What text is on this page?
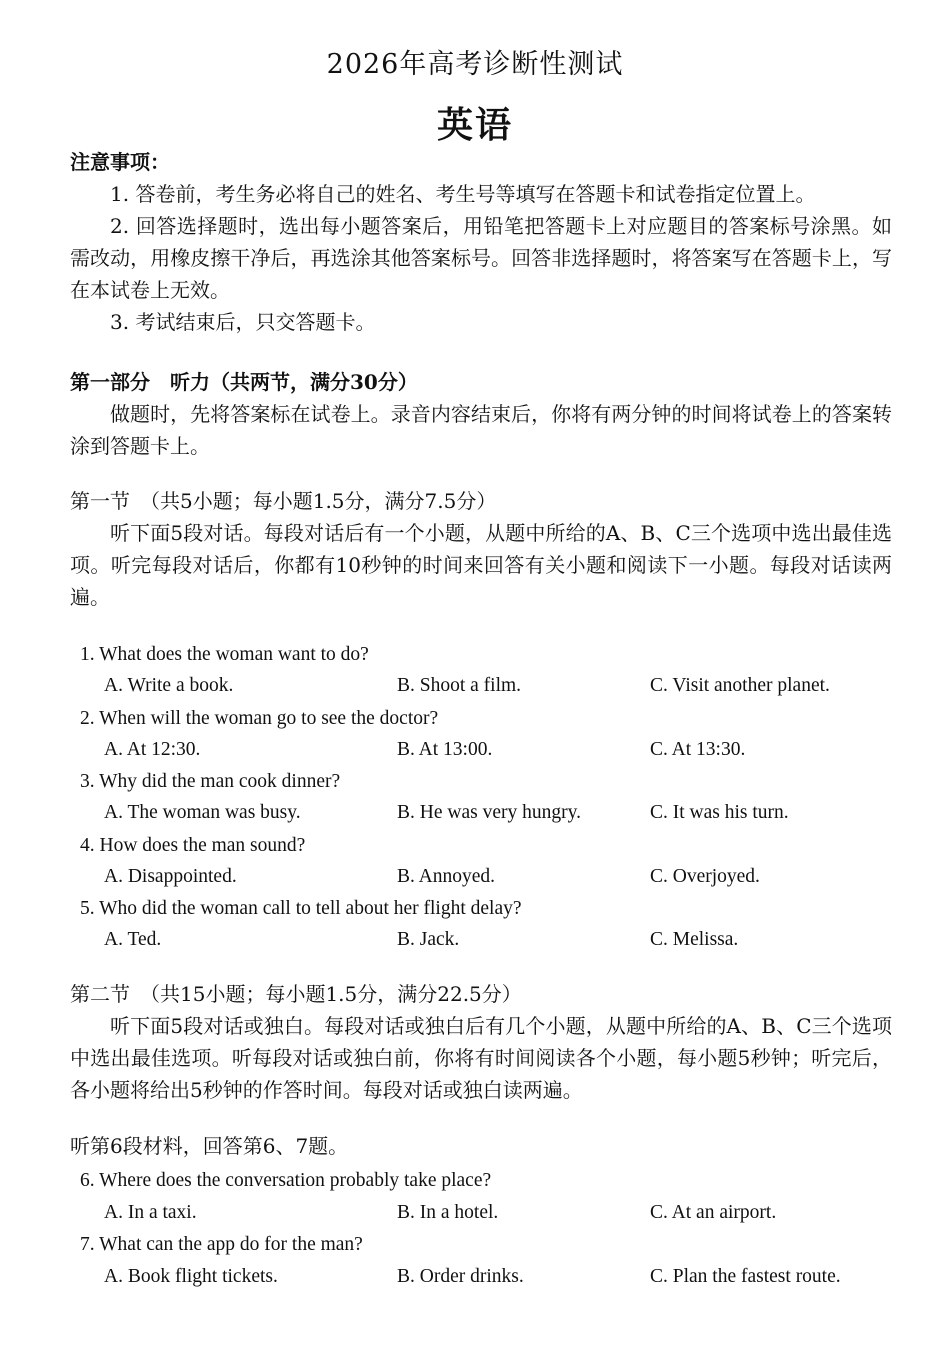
2026年高考诊断性测试
英语
注意事项：
1. 答卷前，考生务必将自己的姓名、考生号等填写在答题卡和试卷指定位置上。
2. 回答选择题时，选出每小题答案后，用铅笔把答题卡上对应题目的答案标号涂黑。如需改动，用橡皮擦干净后，再选涂其他答案标号。回答非选择题时，将答案写在答题卡上，写在本试卷上无效。
3. 考试结束后，只交答题卡。
第一部分　听力（共两节，满分30分）
做题时，先将答案标在试卷上。录音内容结束后，你将有两分钟的时间将试卷上的答案转涂到答题卡上。
第一节　（共5小题；每小题1.5分，满分7.5分）
听下面5段对话。每段对话后有一个小题，从题中所给的A、B、C三个选项中选出最佳选项。听完每段对话后，你都有10秒钟的时间来回答有关小题和阅读下一小题。每段对话读两遍。
1. What does the woman want to do?
A. Write a book.	B. Shoot a film.	C. Visit another planet.
2. When will the woman go to see the doctor?
A. At 12:30.	B. At 13:00.	C. At 13:30.
3. Why did the man cook dinner?
A. The woman was busy.	B. He was very hungry.	C. It was his turn.
4. How does the man sound?
A. Disappointed.	B. Annoyed.	C. Overjoyed.
5. Who did the woman call to tell about her flight delay?
A. Ted.	B. Jack.	C. Melissa.
第二节　（共15小题；每小题1.5分，满分22.5分）
听下面5段对话或独白。每段对话或独白后有几个小题，从题中所给的A、B、C三个选项中选出最佳选项。听每段对话或独白前，你将有时间阅读各个小题，每小题5秒钟；听完后，各小题将给出5秒钟的作答时间。每段对话或独白读两遍。
听第6段材料，回答第6、7题。
6. Where does the conversation probably take place?
A. In a taxi.	B. In a hotel.	C. At an airport.
7. What can the app do for the man?
A. Book flight tickets.	B. Order drinks.	C. Plan the fastest route.
